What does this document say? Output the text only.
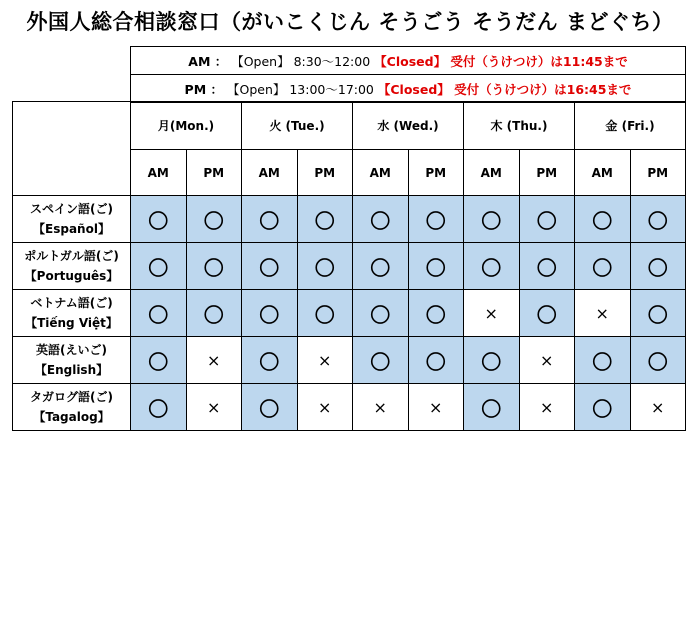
外国人総合相談窓口（がいこくじん そうごう そうだん まどぐち）
AM ： 【Open】 8:30〜12:00 【Closed】 受付（うけつけ）は11:45まで
PM ： 【Open】 13:00〜17:00 【Closed】 受付（うけつけ）は16:45まで
	月(Mon.)		火 (Tue.)		水 (Wed.)		木 (Thu.)		金 (Fri.)	
	AM	PM	AM	PM	AM	PM	AM	PM	AM	PM

スペイン語(ご)
【Español】	〇	〇	〇	〇	〇	〇	〇	〇	〇	〇

ポルトガル語(ご)
【Português】	〇	〇	〇	〇	〇	〇	〇	〇	〇	〇

ベトナム語(ご)
【Tiếng Việt】	〇	〇	〇	〇	〇	〇	×	〇	×	〇

英語(えいご)
【English】	〇	×	〇	×	〇	〇	〇	×	〇	〇

タガログ語(ご)
【Tagalog】	〇	×	〇	×	×	×	〇	×	〇	×
